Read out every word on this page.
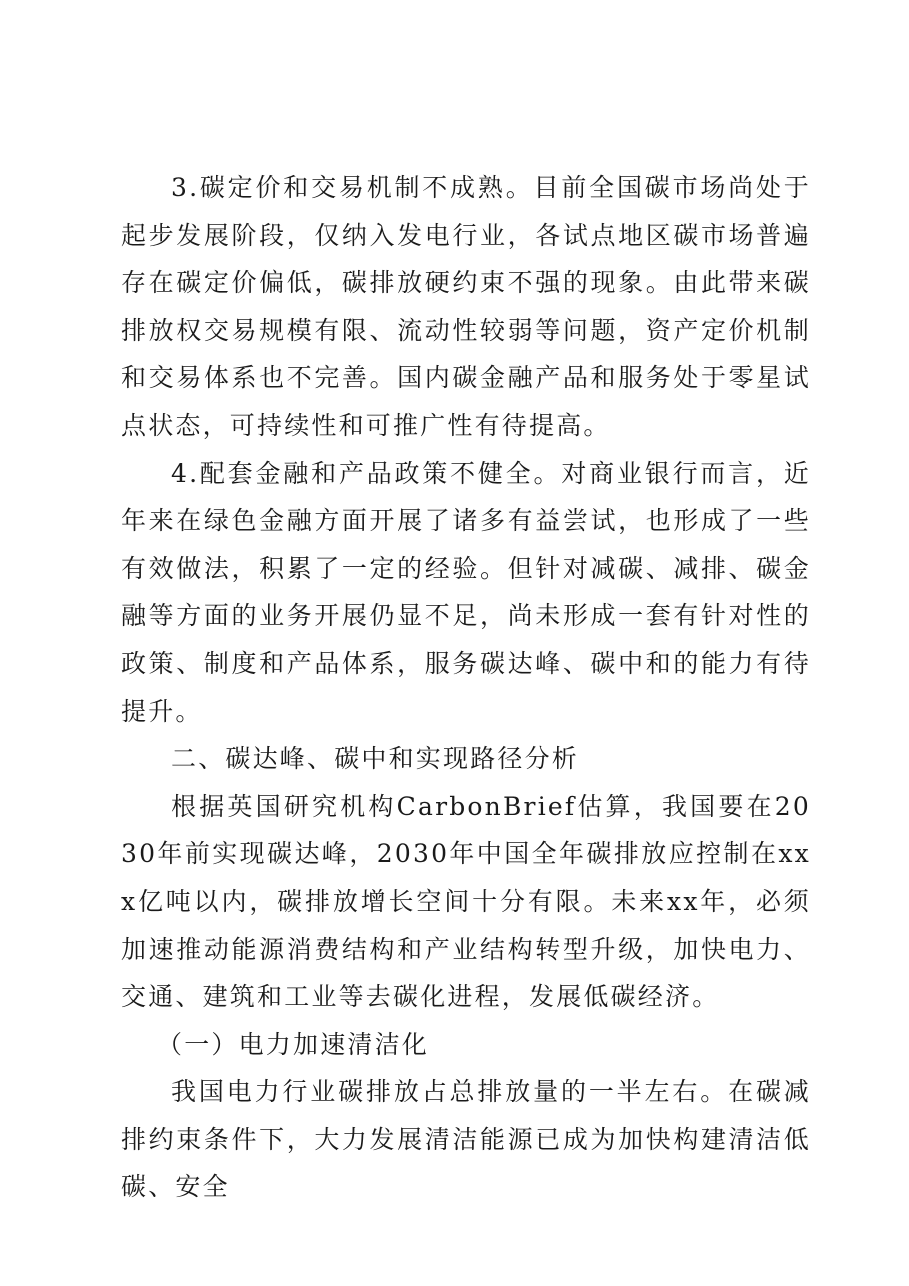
3.碳定价和交易机制不成熟。目前全国碳市场尚处于起步发展阶段，仅纳入发电行业，各试点地区碳市场普遍存在碳定价偏低，碳排放硬约束不强的现象。由此带来碳排放权交易规模有限、流动性较弱等问题，资产定价机制和交易体系也不完善。国内碳金融产品和服务处于零星试点状态，可持续性和可推广性有待提高。

4.配套金融和产品政策不健全。对商业银行而言，近年来在绿色金融方面开展了诸多有益尝试，也形成了一些有效做法，积累了一定的经验。但针对减碳、减排、碳金融等方面的业务开展仍显不足，尚未形成一套有针对性的政策、制度和产品体系，服务碳达峰、碳中和的能力有待提升。

二、碳达峰、碳中和实现路径分析

根据英国研究机构CarbonBrief估算，我国要在2030年前实现碳达峰，2030年中国全年碳排放应控制在xxx亿吨以内，碳排放增长空间十分有限。未来xx年，必须加速推动能源消费结构和产业结构转型升级，加快电力、交通、建筑和工业等去碳化进程，发展低碳经济。

（一）电力加速清洁化

我国电力行业碳排放占总排放量的一半左右。在碳减排约束条件下，大力发展清洁能源已成为加快构建清洁低碳、安全
